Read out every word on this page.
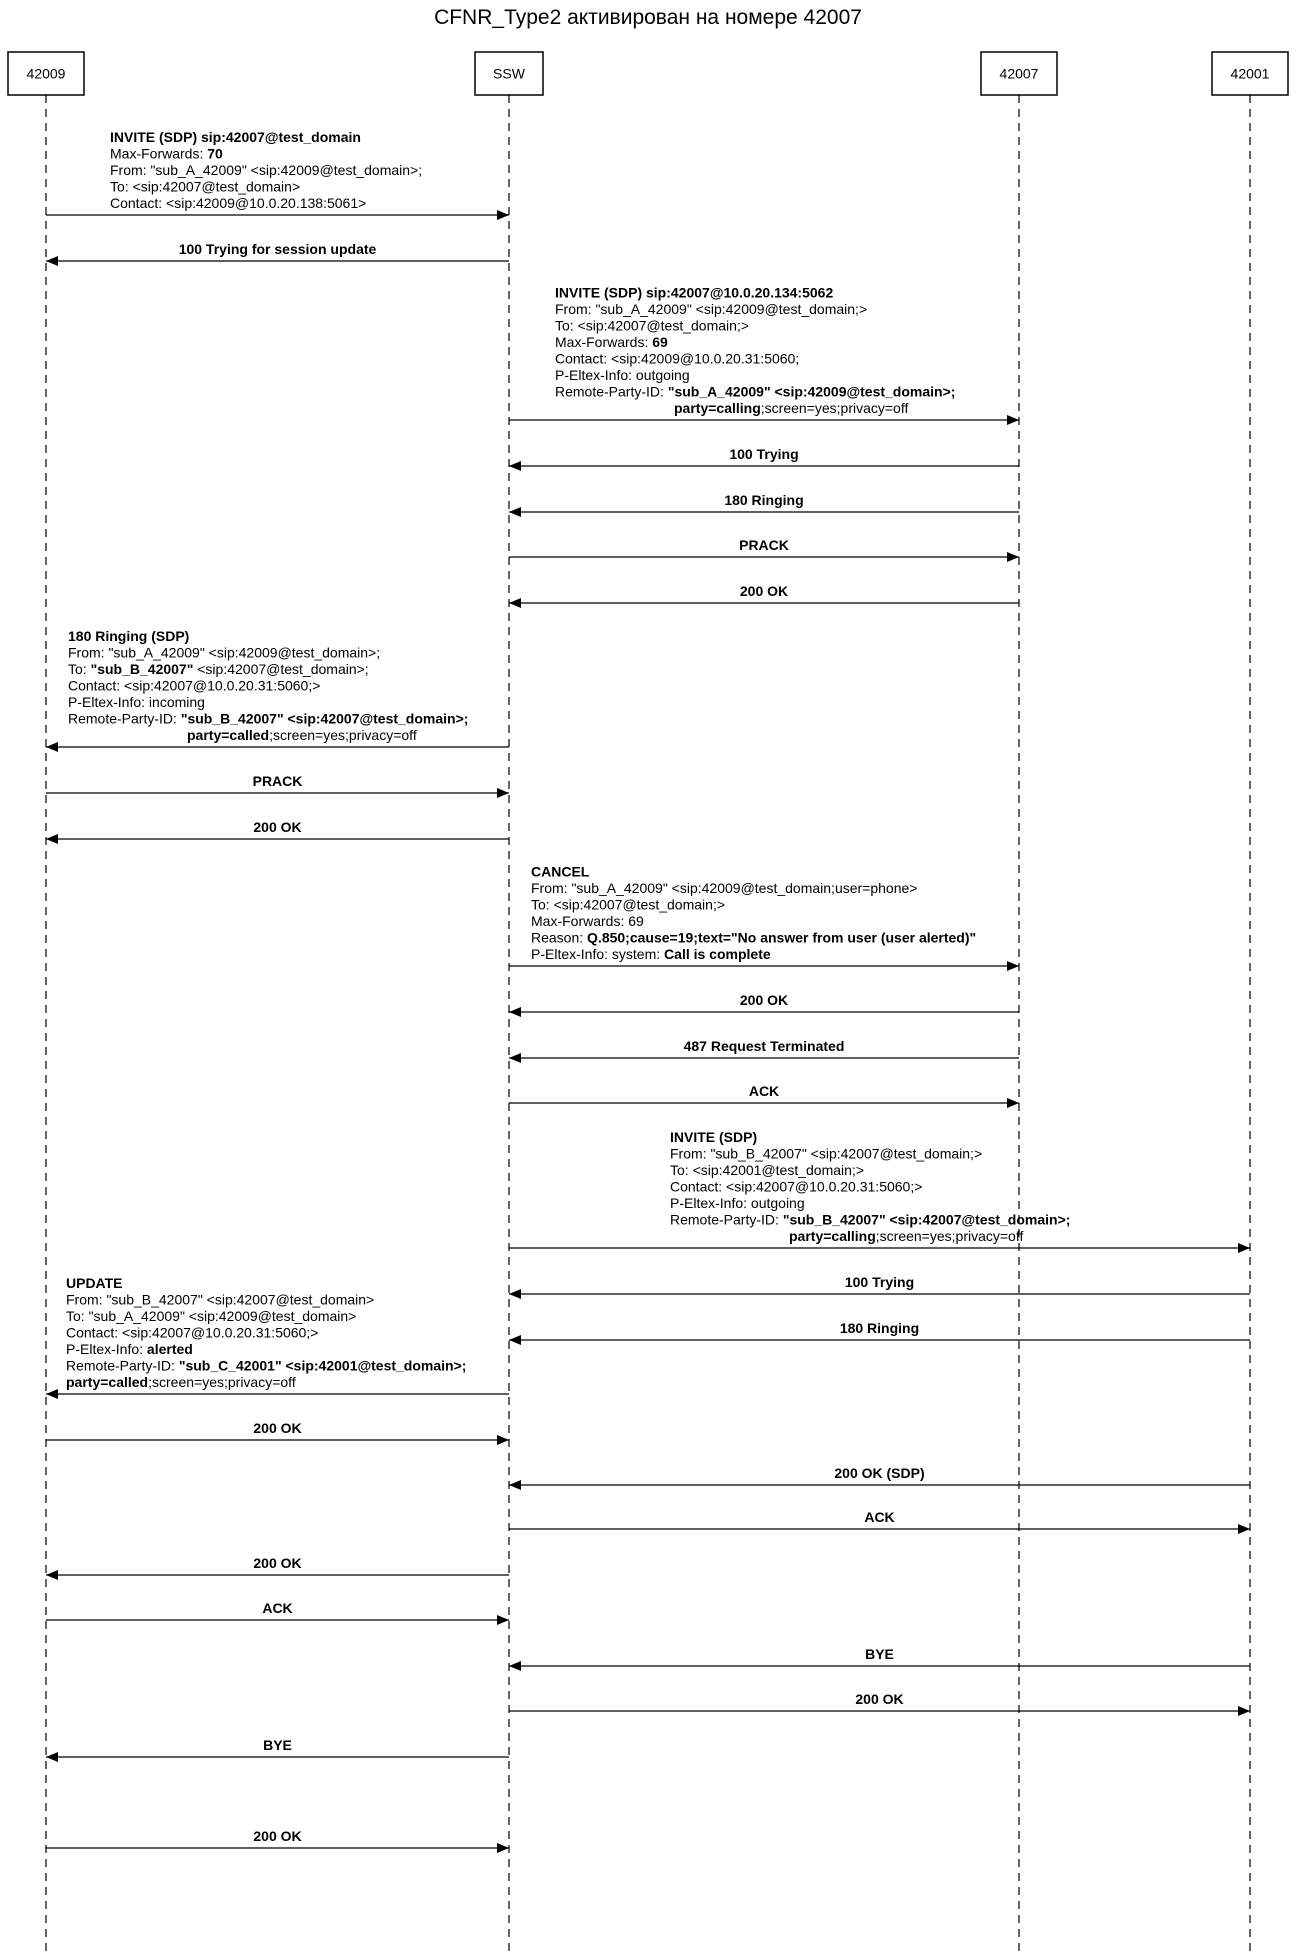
CFNR_Type2 активирован на номере 42007
INVITE (SDP) sip:42007@test_domain
Max-Forwards: 70
From: "sub_A_42009" <sip:42009@test_domain>;
To: <sip:42007@test_domain>
Contact: <sip:42009@10.0.20.138:5061>
100 Trying for session update
INVITE (SDP) sip:42007@10.0.20.134:5062
From: "sub_A_42009" <sip:42009@test_domain;>
To: <sip:42007@test_domain;>
Max-Forwards: 69
Contact: <sip:42009@10.0.20.31:5060;
P-Eltex-Info: outgoing
Remote-Party-ID: "sub_A_42009" <sip:42009@test_domain>;
party=calling;screen=yes;privacy=off
100 Trying
180 Ringing
PRACK
200 OK
180 Ringing (SDP)
From: "sub_A_42009" <sip:42009@test_domain>;
To: "sub_B_42007" <sip:42007@test_domain>;
Contact: <sip:42007@10.0.20.31:5060;>
P-Eltex-Info: incoming
Remote-Party-ID: "sub_B_42007" <sip:42007@test_domain>;
party=called;screen=yes;privacy=off
PRACK
200 OK
CANCEL
From: "sub_A_42009" <sip:42009@test_domain;user=phone>
To: <sip:42007@test_domain;>
Max-Forwards: 69
Reason: Q.850;cause=19;text="No answer from user (user alerted)"
P-Eltex-Info: system: Call is complete
200 OK
487 Request Terminated
ACK
INVITE (SDP)
From: "sub_B_42007" <sip:42007@test_domain;>
To: <sip:42001@test_domain;>
Contact: <sip:42007@10.0.20.31:5060;>
P-Eltex-Info: outgoing
Remote-Party-ID: "sub_B_42007" <sip:42007@test_domain>;
party=calling;screen=yes;privacy=off
100 Trying
180 Ringing
UPDATE
From: "sub_B_42007" <sip:42007@test_domain>
To: "sub_A_42009" <sip:42009@test_domain>
Contact: <sip:42007@10.0.20.31:5060;>
P-Eltex-Info: alerted
Remote-Party-ID: "sub_C_42001" <sip:42001@test_domain>;
party=called;screen=yes;privacy=off
200 OK
200 OK (SDP)
ACK
200 OK
ACK
BYE
200 OK
BYE
200 OK
42009	SSW	42007	42001
